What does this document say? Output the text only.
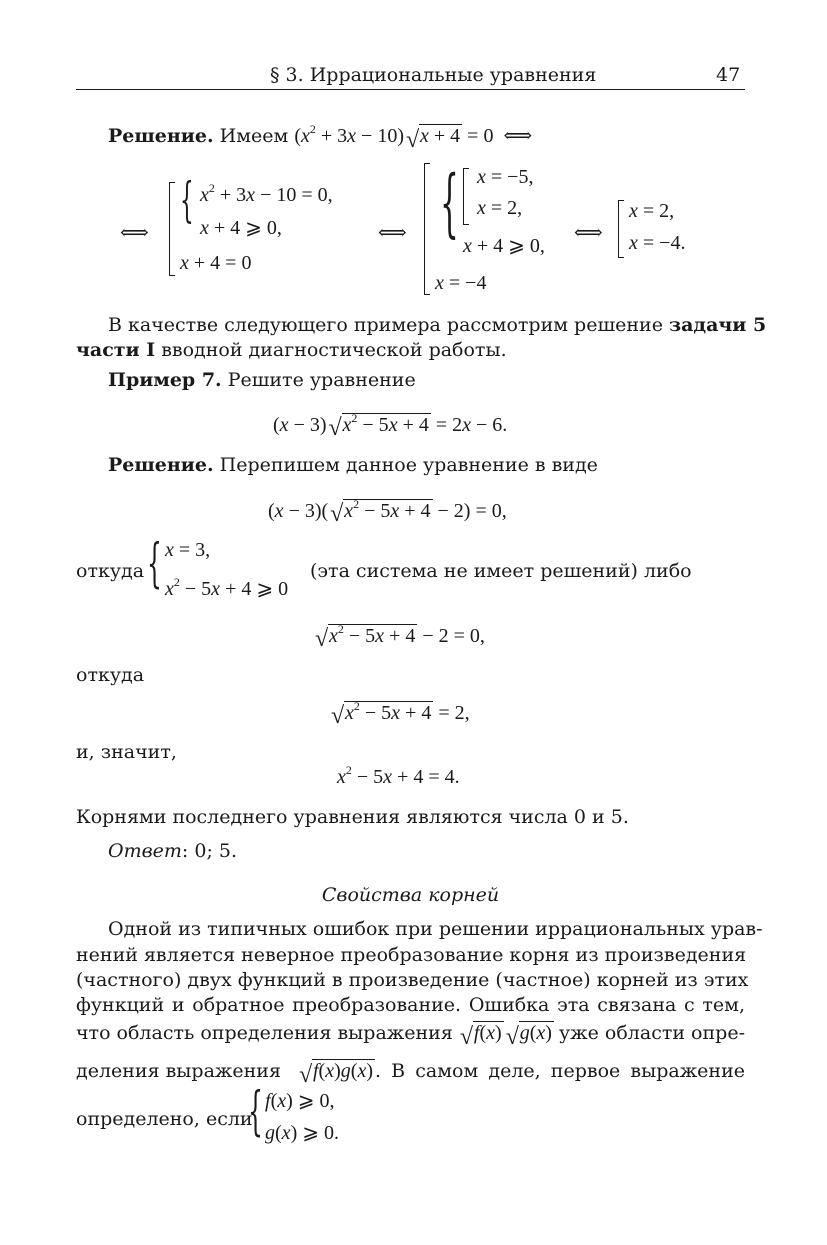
§ 3. Иррациональные уравнения	47
Решение. Имеем $(x^2 + 3x - 10)$ √ x + 4 = 0  ⟺
⟺
{ $x^2 + 3x - 10 = 0$,
x + 4 ⩾ 0,
x + 4 = 0
⟺ { x = −5,
x = 2,
x + 4 ⩾ 0,
x = −4
⟺
x = 2,
x = −4.
В качестве следующего примера рассмотрим решение задачи 5
части I вводной диагностической работы.
Пример 7. Решите уравнение
(x − 3) √ $x^2 - 5x + 4 = 2x - 6$.
Решение. Перепишем данное уравнение в виде
(x − 3)( √ $x^2 - 5x + 4 - 2) = 0$,
откуда { x = 3,
$x^2 - 5x + 4$ ⩾ 0
(эта система не имеет решений) либо
√ $x^2 - 5x + 4 - 2 = 0$,
откуда
√ $x^2 - 5x + 4 = 2$,
и, значит,
$x^2 - 5x + 4 = 4$.
Корнями последнего уравнения являются числа 0 и 5.
Ответ: 0; 5.
Свойства корней
Одной из типичных ошибок при решении иррациональных урав-
нений является неверное преобразование корня из произведения
(частного) двух функций в произведение (частное) корней из этих
функций и обратное преобразование. Ошибка эта связана с тем,
что область определения выражения √ f(x) √ g(x) уже области опре-
деления выражения √ f(x)g(x) . В самом деле, первое выражение
определено, если
{ f(x) ⩾ 0,
g(x) ⩾ 0.
